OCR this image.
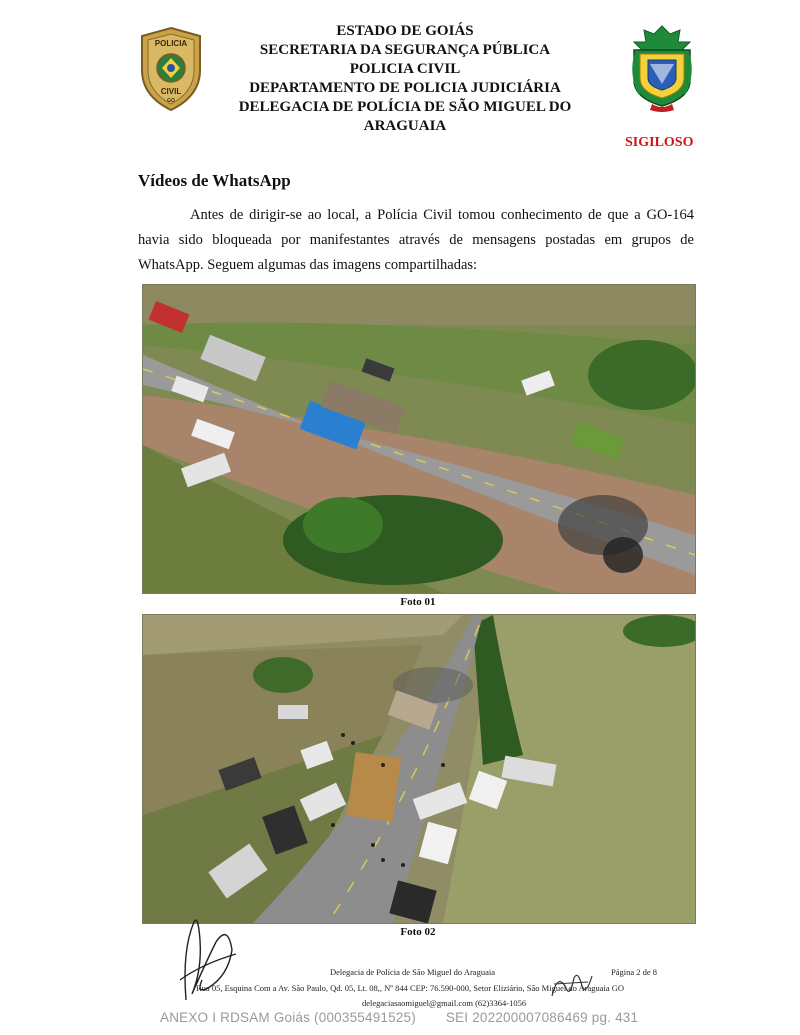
POLICIA
CIVIL
GO
ESTADO DE GOIÁS
SECRETARIA DA SEGURANÇA PÚBLICA
POLICIA CIVIL
DEPARTAMENTO DE POLICIA JUDICIÁRIA
DELEGACIA DE POLÍCIA DE SÃO MIGUEL DO ARAGUAIA
SIGILOSO
Vídeos de WhatsApp

Antes de dirigir-se ao local, a Polícia Civil tomou conhecimento de que a GO-164 havia sido bloqueada por manifestantes através de mensagens postadas em grupos de WhatsApp. Seguem algumas das imagens compartilhadas:

Foto 01
Foto 02
Delegacia de Polícia de São Miguel do Araguaia	Página 2 de 8
Rua 05, Esquina Com a Av. São Paulo, Qd. 05, Lt. 08,, Nº 844 CEP: 76.590-000, Setor Eliziário, São Miguel do Araguaia GO
delegaciasaomiguel@gmail.com (62)3364-1056
ANEXO I RDSAM Goiás (000355491525) SEI 202200007086469 pg. 431
